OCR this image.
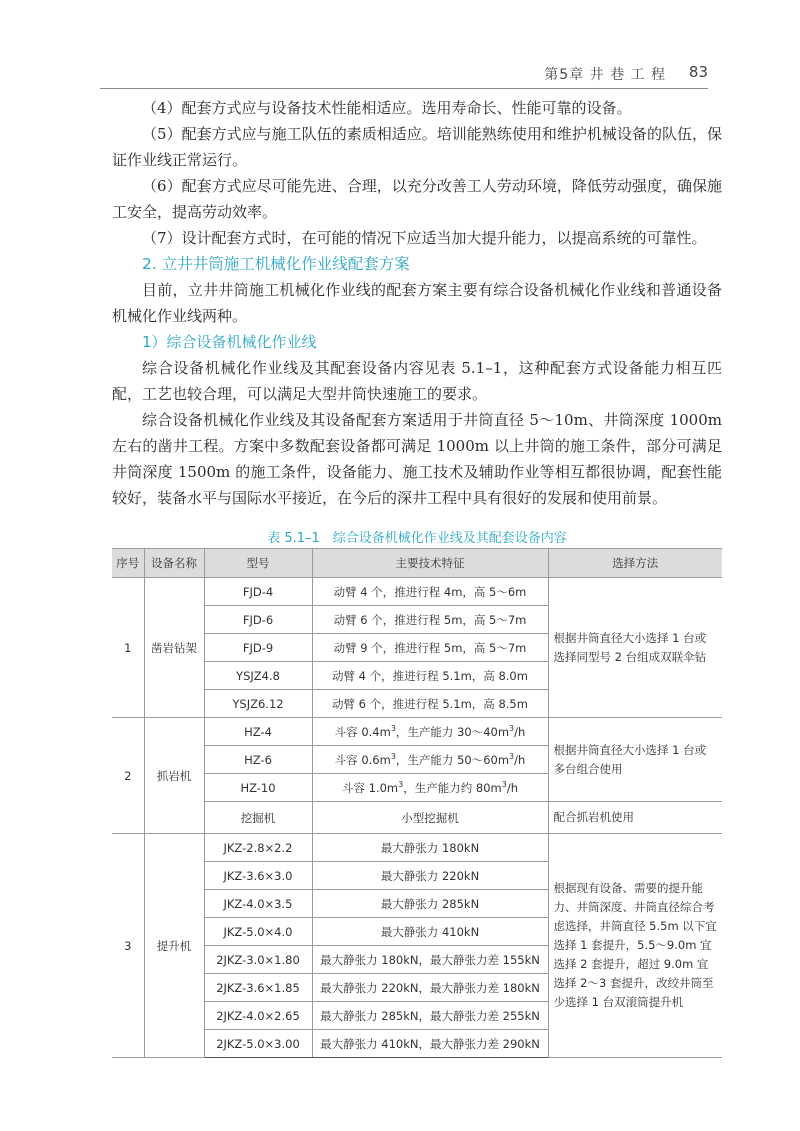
第5章 井 巷 工 程 83

（4）配套方式应与设备技术性能相适应。选用寿命长、性能可靠的设备。

（5）配套方式应与施工队伍的素质相适应。培训能熟练使用和维护机械设备的队伍，保证作业线正常运行。

（6）配套方式应尽可能先进、合理，以充分改善工人劳动环境，降低劳动强度，确保施工安全，提高劳动效率。

（7）设计配套方式时，在可能的情况下应适当加大提升能力，以提高系统的可靠性。

2. 立井井筒施工机械化作业线配套方案

目前，立井井筒施工机械化作业线的配套方案主要有综合设备机械化作业线和普通设备机械化作业线两种。

1）综合设备机械化作业线

综合设备机械化作业线及其配套设备内容见表 5.1–1，这种配套方式设备能力相互匹配，工艺也较合理，可以满足大型井筒快速施工的要求。

综合设备机械化作业线及其设备配套方案适用于井筒直径 5～10m、井筒深度 1000m 左右的凿井工程。方案中多数配套设备都可满足 1000m 以上井筒的施工条件，部分可满足井筒深度 1500m 的施工条件，设备能力、施工技术及辅助作业等相互都很协调，配套性能较好，装备水平与国际水平接近，在今后的深井工程中具有很好的发展和使用前景。

表 5.1–1　综合设备机械化作业线及其配套设备内容
序号	设备名称	型号	主要技术特征	选择方法
1	凿岩钻架	FJD-4	动臂 4 个，推进行程 4m，高 5～6m	根据井筒直径大小选择 1 台或选择同型号 2 台组成双联伞钻
		FJD-6	动臂 6 个，推进行程 5m，高 5～7m	
		FJD-9	动臂 9 个，推进行程 5m，高 5～7m	
		YSJZ4.8	动臂 4 个，推进行程 5.1m，高 8.0m	
		YSJZ6.12	动臂 6 个，推进行程 5.1m，高 8.5m	
2	抓岩机	HZ-4	斗容 $0.4m^3$，生产能力 $30\sim 40m^3/h$	根据井筒直径大小选择 1 台或多台组合使用
		HZ-6	斗容 $0.6m^3$，生产能力 $50\sim 60m^3/h$	
		HZ-10	斗容 $1.0m^3$，生产能力约 $80m^3/h$	
		挖掘机	小型挖掘机	配合抓岩机使用
3	提升机	JKZ-2.8×2.2	最大静张力 180kN	根据现有设备、需要的提升能力、井筒深度、井筒直径综合考虑选择，井筒直径 5.5m 以下宜选择 1 套提升，5.5～9.0m 宜选择 2 套提升，超过 9.0m 宜选择 2～3 套提升，改绞井筒至少选择 1 台双滚筒提升机
		JKZ-3.6×3.0	最大静张力 220kN	
		JKZ-4.0×3.5	最大静张力 285kN	
		JKZ-5.0×4.0	最大静张力 410kN	
		2JKZ-3.0×1.80	最大静张力 180kN，最大静张力差 155kN	
		2JKZ-3.6×1.85	最大静张力 220kN，最大静张力差 180kN	
		2JKZ-4.0×2.65	最大静张力 285kN，最大静张力差 255kN	
		2JKZ-5.0×3.00	最大静张力 410kN，最大静张力差 290kN	
